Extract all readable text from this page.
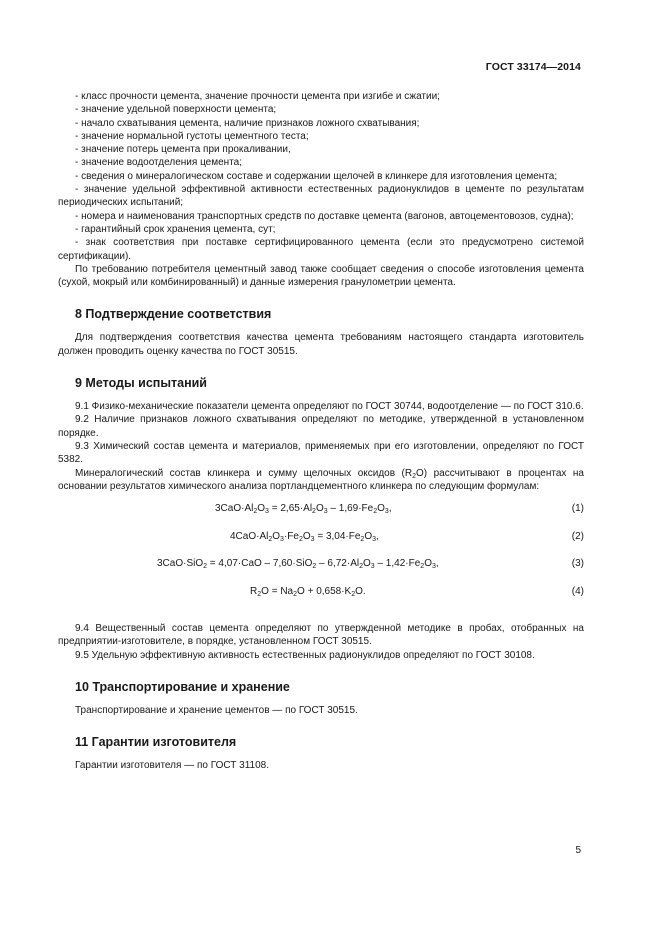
ГОСТ 33174—2014

- класс прочности цемента, значение прочности цемента при изгибе и сжатии;

- значение удельной поверхности цемента;

- начало схватывания цемента, наличие признаков ложного схватывания;

- значение нормальной густоты цементного теста;

- значение потерь цемента при прокаливании,

- значение водоотделения цемента;

- сведения о минералогическом составе и содержании щелочей в клинкере для изготовления цемента;

- значение удельной эффективной активности естественных радионуклидов в цементе по результатам периодических испытаний;

- номера и наименования транспортных средств по доставке цемента (вагонов, автоцементовозов, судна);

- гарантийный срок хранения цемента, сут;

- знак соответствия при поставке сертифицированного цемента (если это предусмотрено системой сертификации).

По требованию потребителя цементный завод также сообщает сведения о способе изготовления цемента (сухой, мокрый или комбинированный) и данные измерения гранулометрии цемента.

8 Подтверждение соответствия

Для подтверждения соответствия качества цемента требованиям настоящего стандарта изготовитель должен проводить оценку качества по ГОСТ 30515.

9 Методы испытаний

9.1 Физико-механические показатели цемента определяют по ГОСТ 30744, водоотделение — по ГОСТ 310.6.

9.2 Наличие признаков ложного схватывания определяют по методике, утвержденной в установленном порядке.

9.3 Химический состав цемента и материалов, применяемых при его изготовлении, определяют по ГОСТ 5382.

Минералогический состав клинкера и сумму щелочных оксидов $(R_2O)$ рассчитывают в процентах на основании результатов химического анализа портландцементного клинкера по следующим формулам:

$3CaO\cdot Al_2O_3 = 2,65\cdot Al_2O_3 - 1,69\cdot Fe_2O_3$,	(1)
$4CaO\cdot Al_2O_3\cdot Fe_2O_3 = 3,04\cdot Fe_2O_3$,	(2)
$3CaO\cdot SiO_2 = 4,07\cdot CaO - 7,60\cdot SiO_2 - 6,72\cdot Al_2O_3 - 1,42\cdot Fe_2O_3$,	(3)
$R_2O = Na_2O + 0,658\cdot K_2O$.	(4)

9.4 Вещественный состав цемента определяют по утвержденной методике в пробах, отобранных на предприятии-изготовителе, в порядке, установленном ГОСТ 30515.

9.5 Удельную эффективную активность естественных радионуклидов определяют по ГОСТ 30108.

10 Транспортирование и хранение

Транспортирование и хранение цементов — по ГОСТ 30515.

11 Гарантии изготовителя

Гарантии изготовителя — по ГОСТ 31108.

5
